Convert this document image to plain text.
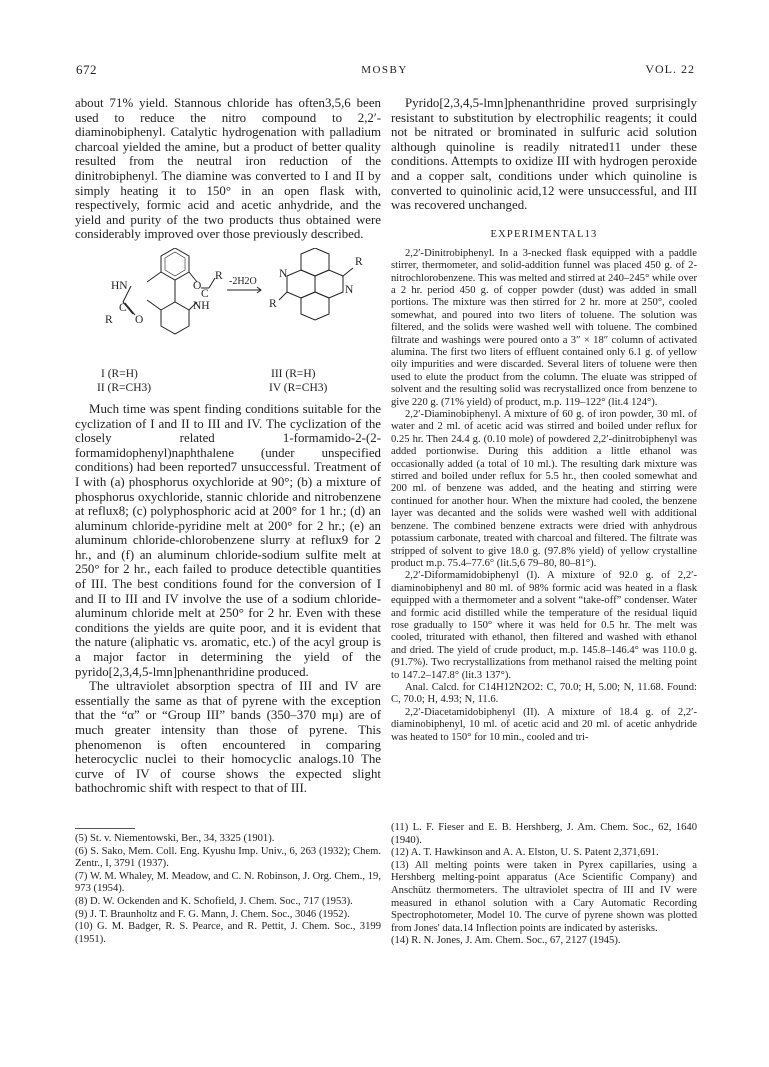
672	MOSBY	VOL. 22

about 71% yield. Stannous chloride has often3,5,6 been used to reduce the nitro compound to 2,2′-diaminobiphenyl. Catalytic hydrogenation with palladium charcoal yielded the amine, but a product of better quality resulted from the neutral iron reduction of the dinitrobiphenyl. The diamine was converted to I and II by simply heating it to 150° in an open flask with, respectively, formic acid and acetic anhydride, and the yield and purity of the two products thus obtained were considerably improved over those previously described.

HN	O
C
R
R
C
O
NH
-2H2O
N
R
N
R
I (R=H)
II (R=CH3)
III (R=H)
IV (R=CH3)

Much time was spent finding conditions suitable for the cyclization of I and II to III and IV. The cyclization of the closely related 1-formamido-2-(2-formamidophenyl)naphthalene (under unspecified conditions) had been reported7 unsuccessful. Treatment of I with (a) phosphorus oxychloride at 90°; (b) a mixture of phosphorus oxychloride, stannic chloride and nitrobenzene at reflux8; (c) polyphosphoric acid at 200° for 1 hr.; (d) an aluminum chloride-pyridine melt at 200° for 2 hr.; (e) an aluminum chloride-chlorobenzene slurry at reflux9 for 2 hr., and (f) an aluminum chloride-sodium sulfite melt at 250° for 2 hr., each failed to produce detectible quantities of III. The best conditions found for the conversion of I and II to III and IV involve the use of a sodium chloride-aluminum chloride melt at 250° for 2 hr. Even with these conditions the yields are quite poor, and it is evident that the nature (aliphatic vs. aromatic, etc.) of the acyl group is a major factor in determining the yield of the pyrido[2,3,4,5-lmn]phenanthridine produced.

The ultraviolet absorption spectra of III and IV are essentially the same as that of pyrene with the exception that the “α” or “Group III” bands (350–370 mμ) are of much greater intensity than those of pyrene. This phenomenon is often encountered in comparing heterocyclic nuclei to their homocyclic analogs.10 The curve of IV of course shows the expected slight bathochromic shift with respect to that of III.

Pyrido[2,3,4,5-lmn]phenanthridine proved surprisingly resistant to substitution by electrophilic reagents; it could not be nitrated or brominated in sulfuric acid solution although quinoline is readily nitrated11 under these conditions. Attempts to oxidize III with hydrogen peroxide and a copper salt, conditions under which quinoline is converted to quinolinic acid,12 were unsuccessful, and III was recovered unchanged.

EXPERIMENTAL13

2,2′-Dinitrobiphenyl. In a 3-necked flask equipped with a paddle stirrer, thermometer, and solid-addition funnel was placed 450 g. of 2-nitrochlorobenzene. This was melted and stirred at 240–245° while over a 2 hr. period 450 g. of copper powder (dust) was added in small portions. The mixture was then stirred for 2 hr. more at 250°, cooled somewhat, and poured into two liters of toluene. The solution was filtered, and the solids were washed well with toluene. The combined filtrate and washings were poured onto a 3″ × 18″ column of activated alumina. The first two liters of effluent contained only 6.1 g. of yellow oily impurities and were discarded. Several liters of toluene were then used to elute the product from the column. The eluate was stripped of solvent and the resulting solid was recrystallized once from benzene to give 220 g. (71% yield) of product, m.p. 119–122° (lit.4 124°).

2,2′-Diaminobiphenyl. A mixture of 60 g. of iron powder, 30 ml. of water and 2 ml. of acetic acid was stirred and boiled under reflux for 0.25 hr. Then 24.4 g. (0.10 mole) of powdered 2,2′-dinitrobiphenyl was added portionwise. During this addition a little ethanol was occasionally added (a total of 10 ml.). The resulting dark mixture was stirred and boiled under reflux for 5.5 hr., then cooled somewhat and 200 ml. of benzene was added, and the heating and stirring were continued for another hour. When the mixture had cooled, the benzene layer was decanted and the solids were washed well with additional benzene. The combined benzene extracts were dried with anhydrous potassium carbonate, treated with charcoal and filtered. The filtrate was stripped of solvent to give 18.0 g. (97.8% yield) of yellow crystalline product m.p. 75.4–77.6° (lit.5,6 79–80, 80–81°).

2,2′-Diformamidobiphenyl (I). A mixture of 92.0 g. of 2,2′-diaminobiphenyl and 80 ml. of 98% formic acid was heated in a flask equipped with a thermometer and a solvent “take-off” condenser. Water and formic acid distilled while the temperature of the residual liquid rose gradually to 150° where it was held for 0.5 hr. The melt was cooled, triturated with ethanol, then filtered and washed with ethanol and dried. The yield of crude product, m.p. 145.8–146.4° was 110.0 g. (91.7%). Two recrystallizations from methanol raised the melting point to 147.2–147.8° (lit.3 137°).

Anal. Calcd. for C14H12N2O2: C, 70.0; H, 5.00; N, 11.68. Found: C, 70.0; H, 4.93; N, 11.6.

2,2′-Diacetamidobiphenyl (II). A mixture of 18.4 g. of 2,2′-diaminobiphenyl, 10 ml. of acetic acid and 20 ml. of acetic anhydride was heated to 150° for 10 min., cooled and tri-

(5) St. v. Niementowski, Ber., 34, 3325 (1901).

(6) S. Sako, Mem. Coll. Eng. Kyushu Imp. Univ., 6, 263 (1932); Chem. Zentr., I, 3791 (1937).

(7) W. M. Whaley, M. Meadow, and C. N. Robinson, J. Org. Chem., 19, 973 (1954).

(8) D. W. Ockenden and K. Schofield, J. Chem. Soc., 717 (1953).

(9) J. T. Braunholtz and F. G. Mann, J. Chem. Soc., 3046 (1952).

(10) G. M. Badger, R. S. Pearce, and R. Pettit, J. Chem. Soc., 3199 (1951).

(11) L. F. Fieser and E. B. Hershberg, J. Am. Chem. Soc., 62, 1640 (1940).

(12) A. T. Hawkinson and A. A. Elston, U. S. Patent 2,371,691.

(13) All melting points were taken in Pyrex capillaries, using a Hershberg melting-point apparatus (Ace Scientific Company) and Anschütz thermometers. The ultraviolet spectra of III and IV were measured in ethanol solution with a Cary Automatic Recording Spectrophotometer, Model 10. The curve of pyrene shown was plotted from Jones' data.14 Inflection points are indicated by asterisks.

(14) R. N. Jones, J. Am. Chem. Soc., 67, 2127 (1945).
